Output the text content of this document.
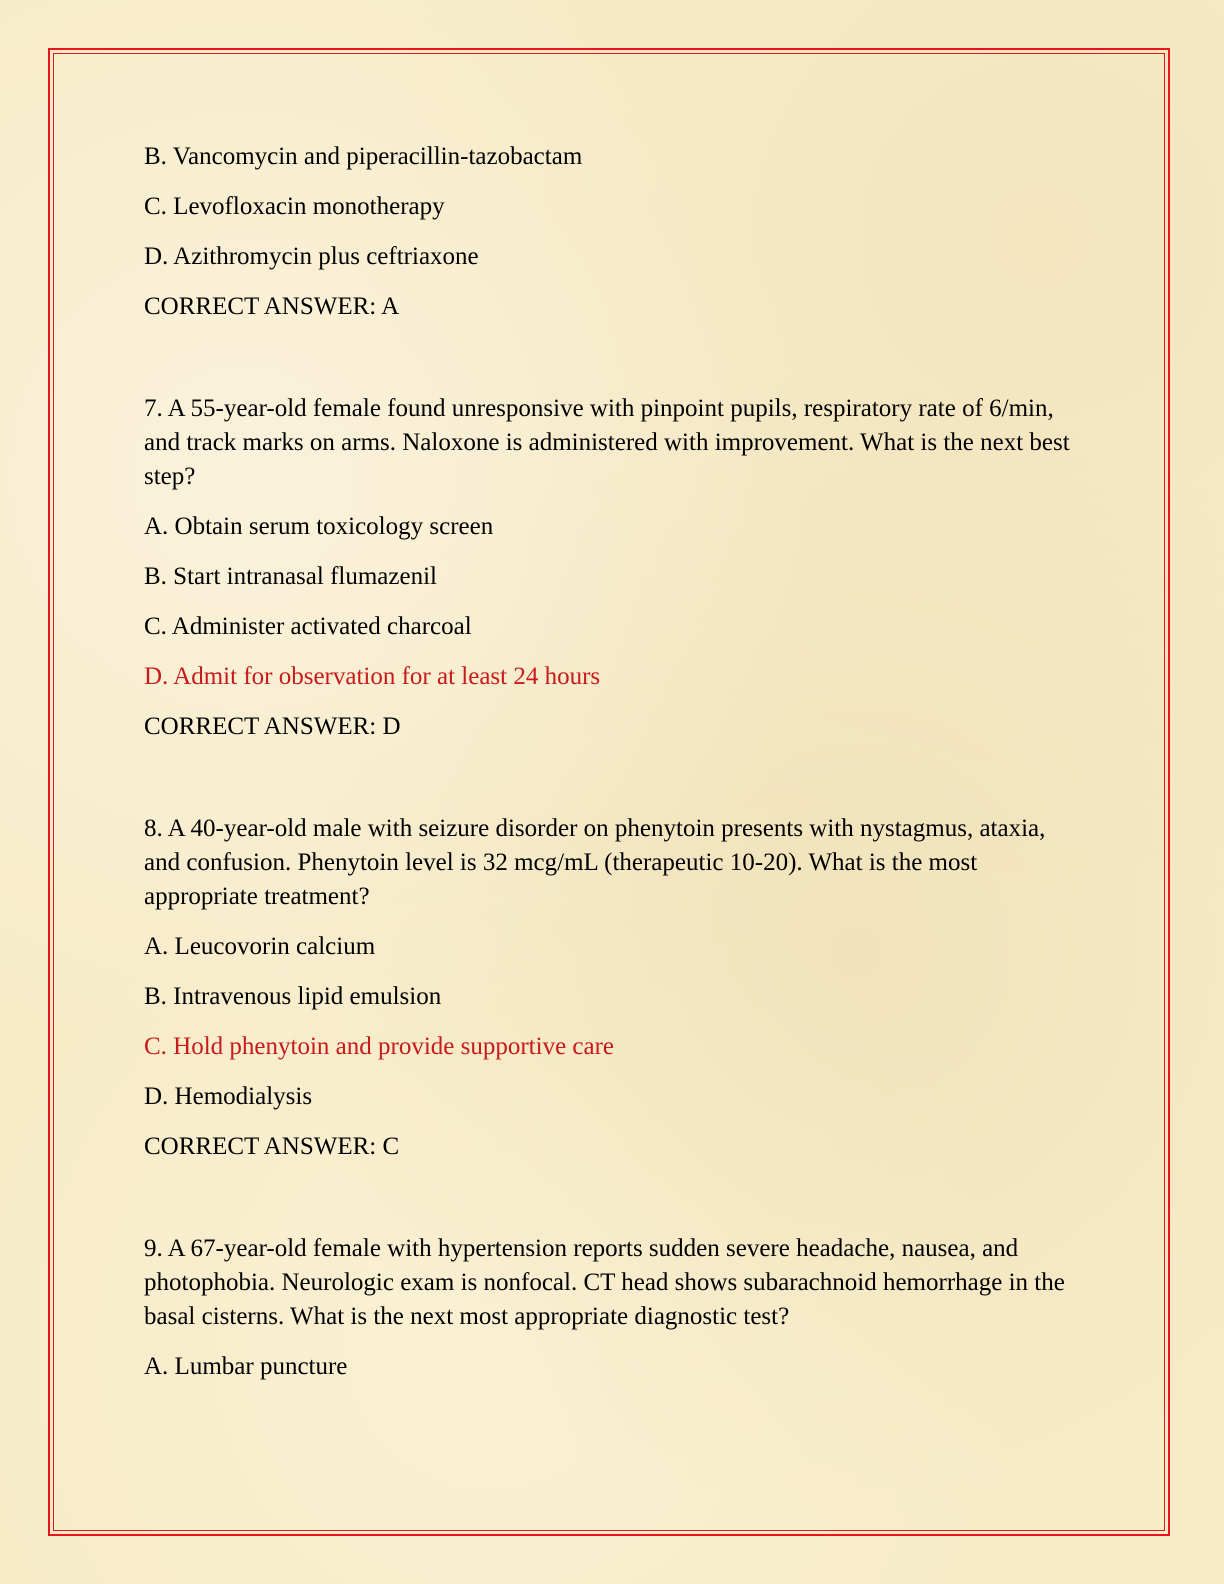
B. Vancomycin and piperacillin-tazobactam
C. Levofloxacin monotherapy
D. Azithromycin plus ceftriaxone
CORRECT ANSWER: A
7. A 55-year-old female found unresponsive with pinpoint pupils, respiratory rate of 6/min, and track marks on arms. Naloxone is administered with improvement. What is the next best step?
A. Obtain serum toxicology screen
B. Start intranasal flumazenil
C. Administer activated charcoal
D. Admit for observation for at least 24 hours
CORRECT ANSWER: D
8. A 40-year-old male with seizure disorder on phenytoin presents with nystagmus, ataxia, and confusion. Phenytoin level is 32 mcg/mL (therapeutic 10-20). What is the most appropriate treatment?
A. Leucovorin calcium
B. Intravenous lipid emulsion
C. Hold phenytoin and provide supportive care
D. Hemodialysis
CORRECT ANSWER: C
9. A 67-year-old female with hypertension reports sudden severe headache, nausea, and photophobia. Neurologic exam is nonfocal. CT head shows subarachnoid hemorrhage in the basal cisterns. What is the next most appropriate diagnostic test?
A. Lumbar puncture
